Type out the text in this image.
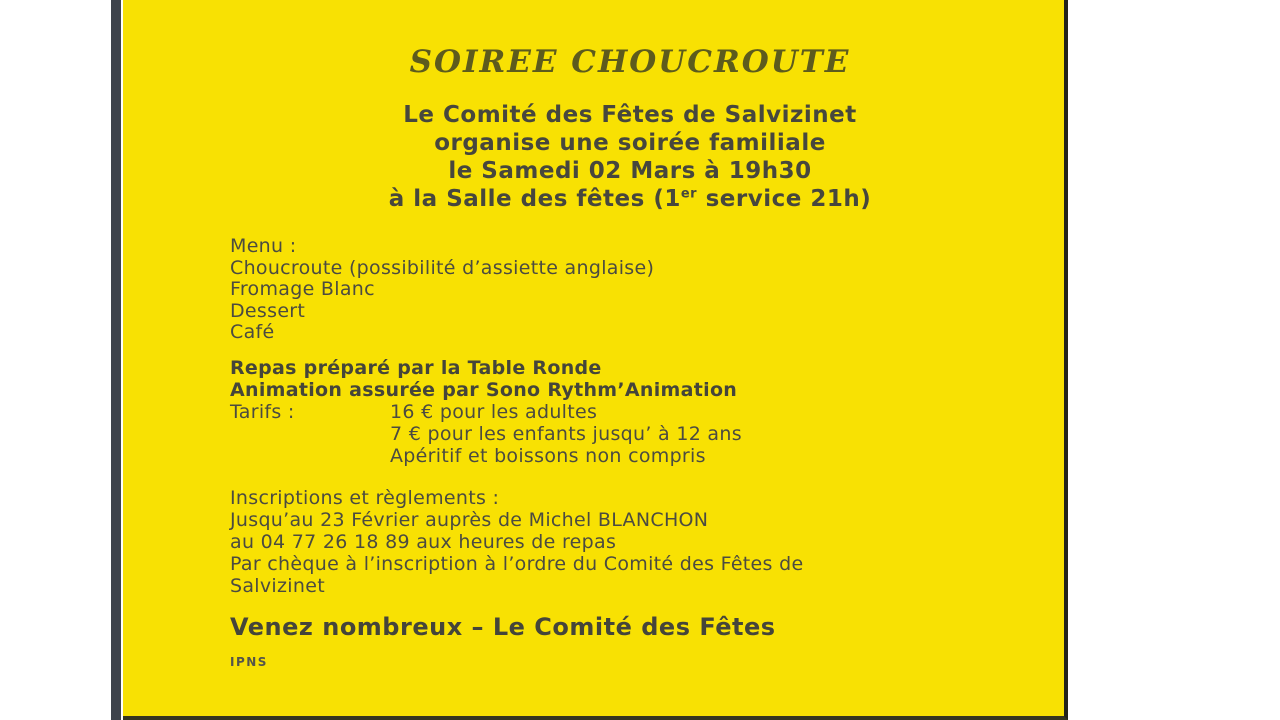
SOIREE CHOUCROUTE
Le Comité des Fêtes de Salvizinet
organise une soirée familiale
le Samedi 02 Mars à 19h30
à la Salle des fêtes (1er service 21h)
Menu :
Choucroute (possibilité d’assiette anglaise)
Fromage Blanc
Dessert
Café
Repas préparé par la Table Ronde
Animation assurée par Sono Rythm’Animation
Tarifs :	16 € pour les adultes
7 € pour les enfants jusqu’ à 12 ans
Apéritif et boissons non compris
Inscriptions et règlements :
Jusqu’au 23 Février auprès de Michel BLANCHON
au 04 77 26 18 89 aux heures de repas
Par chèque à l’inscription à l’ordre du Comité des Fêtes de
Salvizinet
Venez nombreux – Le Comité des Fêtes
IPNS
